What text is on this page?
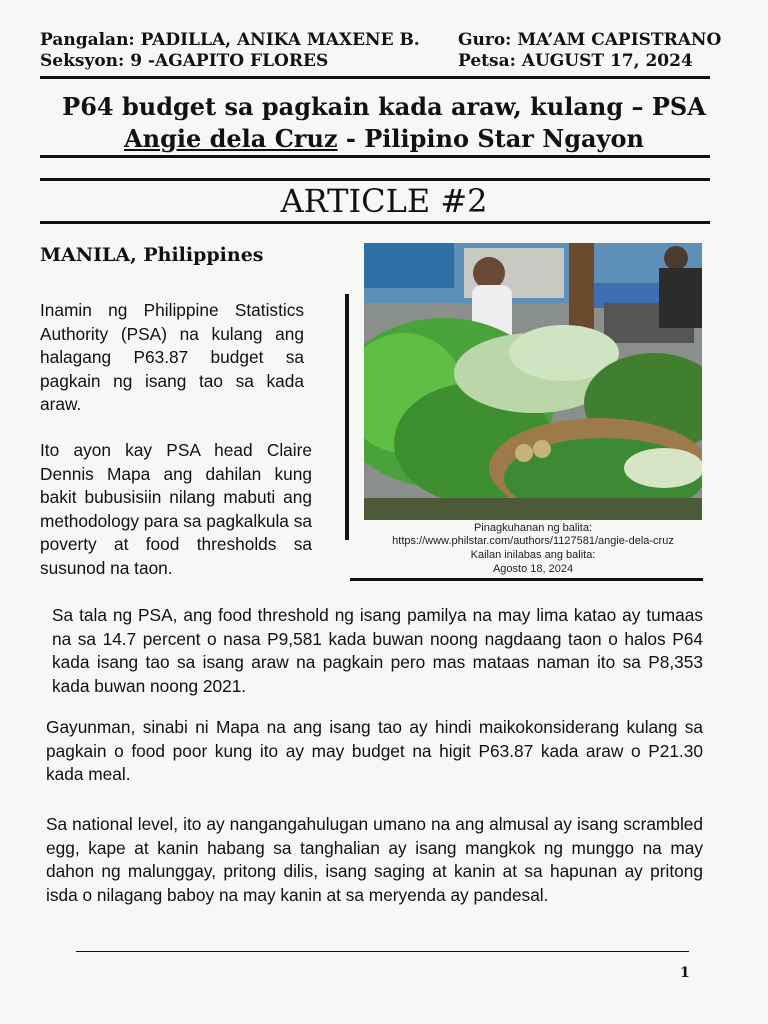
Pangalan: PADILLA, ANIKA MAXENE B.
Seksyon: 9 -AGAPITO FLORES
Guro: MA’AM CAPISTRANO
Petsa: AUGUST 17, 2024
P64 budget sa pagkain kada araw, kulang – PSA
Angie dela Cruz - Pilipino Star Ngayon
ARTICLE #2
MANILA, Philippines
Inamin ng Philippine Statistics Authority (PSA) na kulang ang halagang P63.87 budget sa pagkain ng isang tao sa kada araw.
Ito ayon kay PSA head Claire Dennis Mapa ang dahilan kung bakit bubusisiin nilang mabuti ang methodology para sa pagkalkula sa poverty at food thresholds sa susunod na taon.
Pinagkuhanan ng balita:
https://www.philstar.com/authors/1127581/angie-dela-cruz
Kailan inilabas ang balita:
Agosto 18, 2024
Sa tala ng PSA, ang food threshold ng isang pamilya na may lima katao ay tumaas na sa 14.7 percent o nasa P9,581 kada buwan noong nagdaang taon o halos P64 kada isang tao sa isang araw na pagkain pero mas mataas naman ito sa P8,353 kada buwan noong 2021.
Gayunman, sinabi ni Mapa na ang isang tao ay hindi maikokonsiderang kulang sa pagkain o food poor kung ito ay may budget na higit P63.87 kada araw o P21.30 kada meal.
Sa national level, ito ay nangangahulugan umano na ang almusal ay isang scrambled egg, kape at kanin habang sa tanghalian ay isang mangkok ng munggo na may dahon ng malunggay, pritong dilis, isang saging at kanin at sa hapunan ay pritong isda o nilagang baboy na may kanin at sa meryenda ay pandesal.
1
